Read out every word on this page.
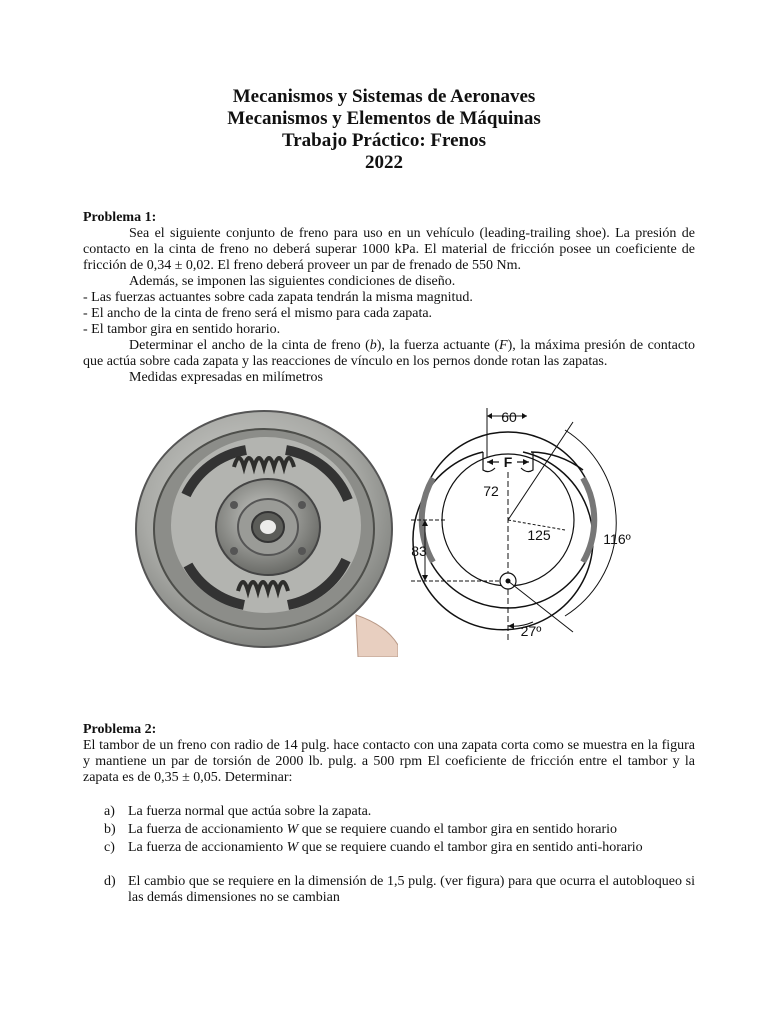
Mecanismos y Sistemas de Aeronaves
Mecanismos y Elementos de Máquinas
Trabajo Práctico: Frenos
2022
Problema 1:

Sea el siguiente conjunto de freno para uso en un vehículo (leading-trailing shoe). La presión de contacto en la cinta de freno no deberá superar 1000 kPa. El material de fricción posee un coeficiente de fricción de 0,34 ± 0,02. El freno deberá proveer un par de frenado de 550 Nm.

Además, se imponen las siguientes condiciones de diseño.

- Las fuerzas actuantes sobre cada zapata tendrán la misma magnitud.
- El ancho de la cinta de freno será el mismo para cada zapata.
- El tambor gira en sentido horario.

Determinar el ancho de la cinta de freno (b), la fuerza actuante (F), la máxima presión de contacto que actúa sobre cada zapata y las reacciones de vínculo en los pernos donde rotan las zapatas.

Medidas expresadas en milímetros

F
60
72
125
83
116º
27º
Problema 2:

El tambor de un freno con radio de 14 pulg. hace contacto con una zapata corta como se muestra en la figura y mantiene un par de torsión de 2000 lb. pulg. a 500 rpm El coeficiente de fricción entre el tambor y la zapata es de 0,35 ± 0,05. Determinar:

a) La fuerza normal que actúa sobre la zapata.
b) La fuerza de accionamiento W que se requiere cuando el tambor gira en sentido horario
c) La fuerza de accionamiento W que se requiere cuando el tambor gira en sentido anti-horario
d) El cambio que se requiere en la dimensión de 1,5 pulg. (ver figura) para que ocurra el autobloqueo si las demás dimensiones no se cambian
